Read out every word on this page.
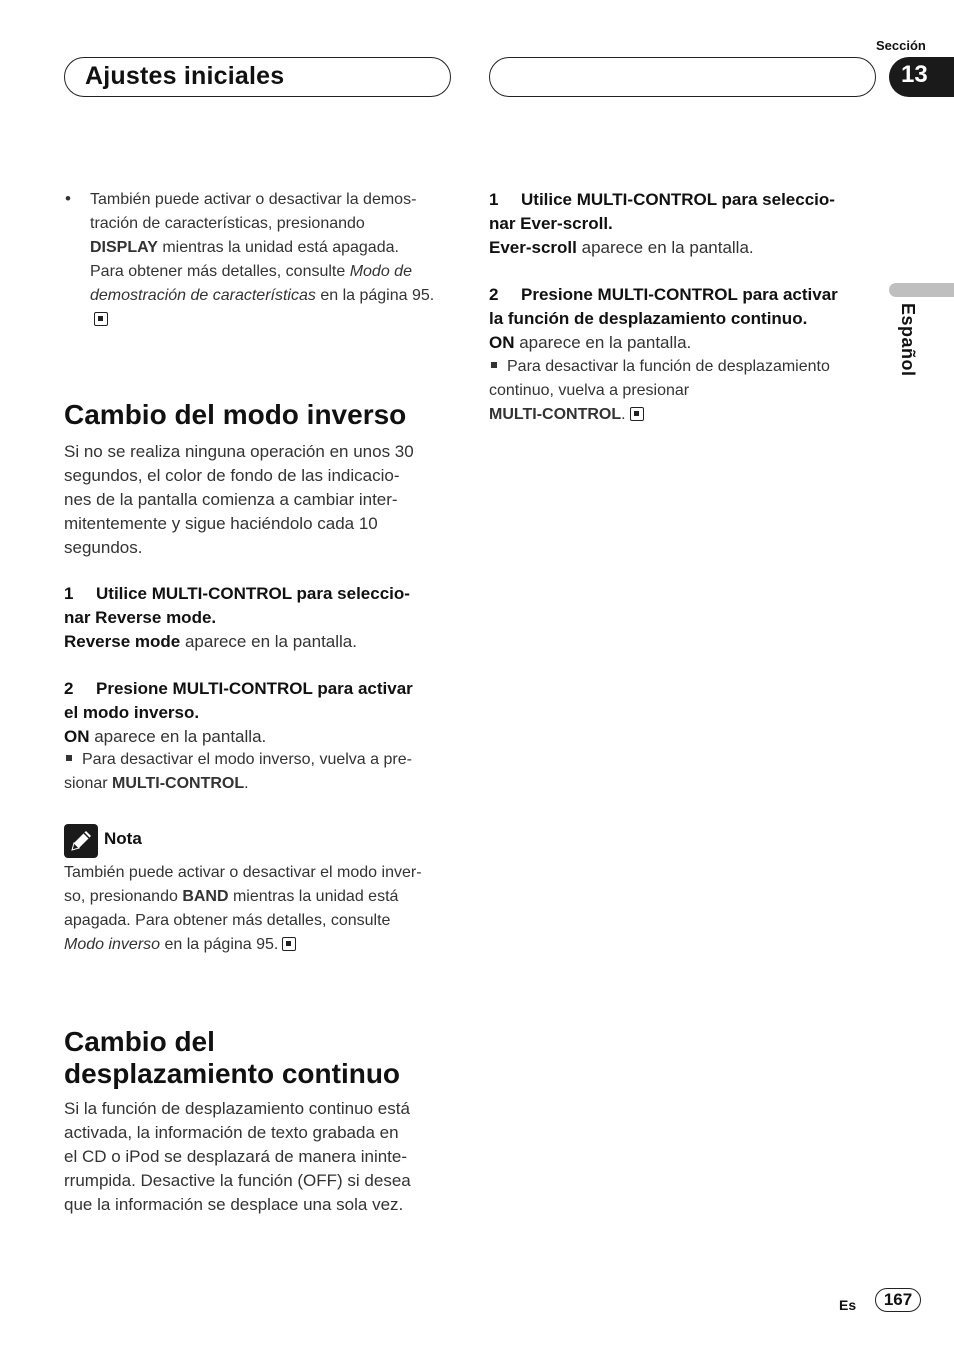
Ajustes iniciales
Sección
13
Español
• También puede activar o desactivar la demos-
tración de características, presionando
DISPLAY mientras la unidad está apagada.
Para obtener más detalles, consulte Modo de demostración de características en la página 95.
Cambio del modo inverso
Si no se realiza ninguna operación en unos 30
segundos, el color de fondo de las indicacio-
nes de la pantalla comienza a cambiar inter-
mitentemente y sigue haciéndolo cada 10
segundos.
1 Utilice MULTI-CONTROL para seleccio-
nar Reverse mode.
Reverse mode aparece en la pantalla.
2 Presione MULTI-CONTROL para activar
el modo inverso.
ON aparece en la pantalla.
Para desactivar el modo inverso, vuelva a pre-
sionar MULTI-CONTROL.
Nota
También puede activar o desactivar el modo inver-
so, presionando BAND mientras la unidad está
apagada. Para obtener más detalles, consulte
Modo inverso en la página 95.
Cambio del
desplazamiento continuo
Si la función de desplazamiento continuo está
activada, la información de texto grabada en
el CD o iPod se desplazará de manera ininte-
rrumpida. Desactive la función (OFF) si desea
que la información se desplace una sola vez.
1 Utilice MULTI-CONTROL para seleccio-
nar Ever-scroll.
Ever-scroll aparece en la pantalla.
2 Presione MULTI-CONTROL para activar
la función de desplazamiento continuo.
ON aparece en la pantalla.
Para desactivar la función de desplazamiento
continuo, vuelva a presionar
MULTI-CONTROL.
Es	167
